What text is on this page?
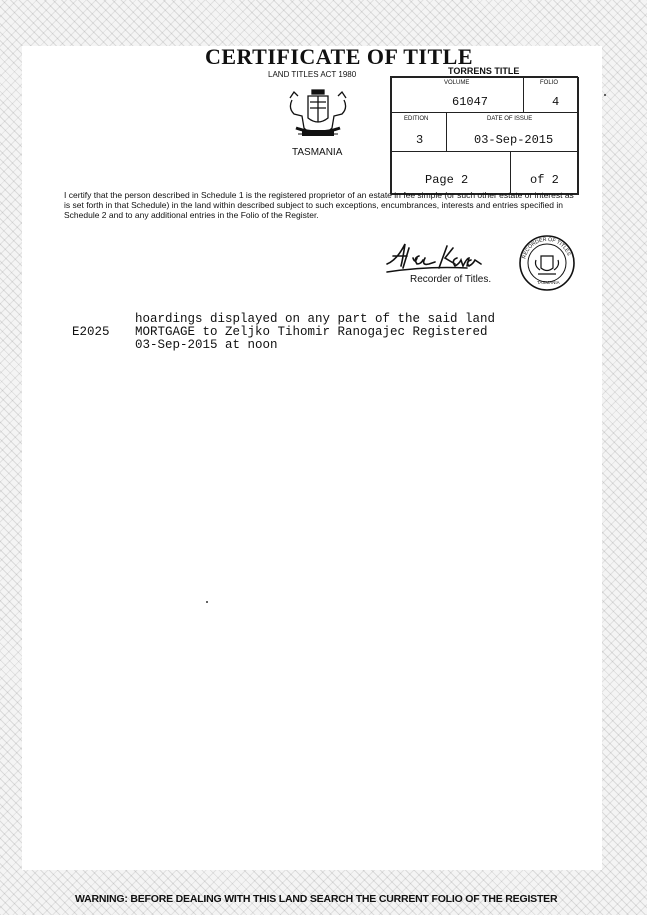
CERTIFICATE OF TITLE
LAND TITLES ACT 1980
TASMANIA
TORRENS TITLE
VOLUME
61047
FOLIO
4
EDITION
3
DATE OF ISSUE
03-Sep-2015
Page 2	of 2
I certify that the person described in Schedule 1 is the registered proprietor of an estate in fee simple (or such other estate or interest as is set forth in that Schedule) in the land within described subject to such exceptions, encumbrances, interests and entries specified in Schedule 2 and to any additional entries in the Folio of the Register.
Alice Kaua
Recorder of Titles.
RECORDER OF TITLES
TASMANIA
hoardings displayed on any part of the said land
E2025 MORTGAGE to Zeljko Tihomir Ranogajec Registered
03-Sep-2015 at noon
WARNING: BEFORE DEALING WITH THIS LAND SEARCH THE CURRENT FOLIO OF THE REGISTER
